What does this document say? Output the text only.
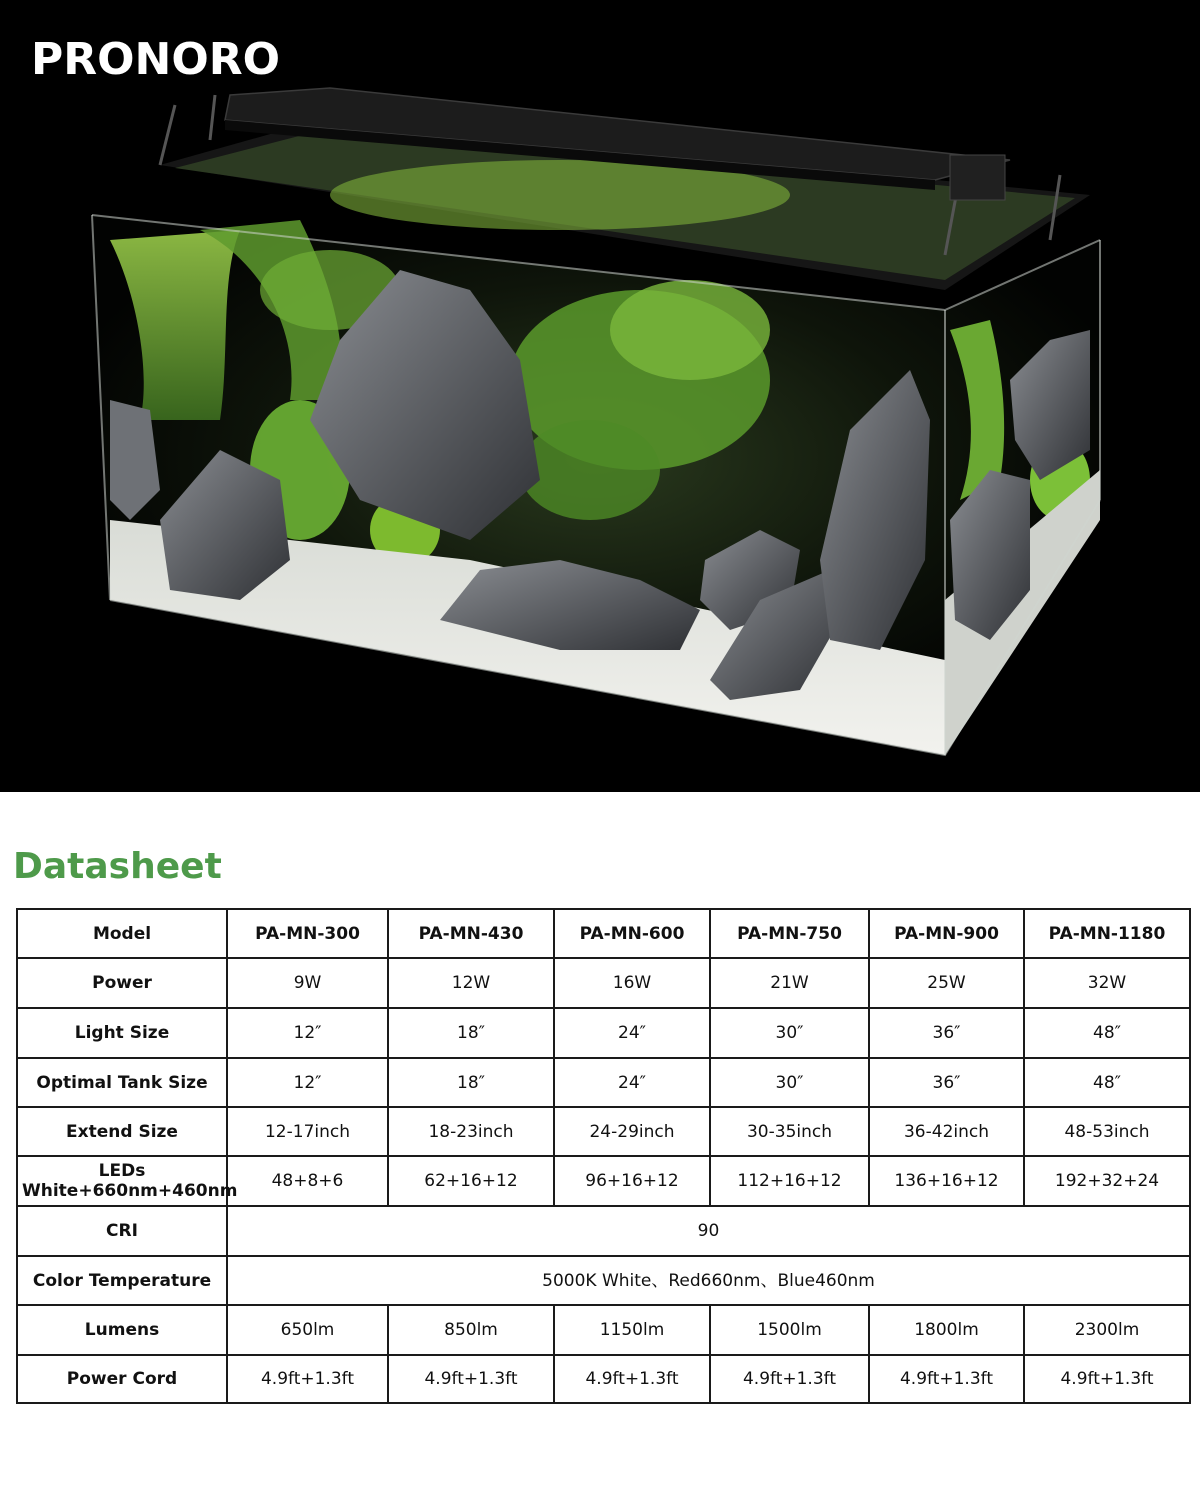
PRONORO
Datasheet
Model	PA-MN-300	PA-MN-430	PA-MN-600	PA-MN-750	PA-MN-900	PA-MN-1180
Power	9W	12W	16W	21W	25W	32W
Light Size	12″	18″	24″	30″	36″	48″
Optimal Tank Size	12″	18″	24″	30″	36″	48″
Extend Size	12-17inch	18-23inch	24-29inch	30-35inch	36-42inch	48-53inch

LEDs
White+660nm+460nm	48+8+6	62+16+12	96+16+12	112+16+12	136+16+12	192+32+24
CRI	90					
Color Temperature	5000K White、Red660nm、Blue460nm					
Lumens	650lm	850lm	1150lm	1500lm	1800lm	2300lm
Power Cord	4.9ft+1.3ft	4.9ft+1.3ft	4.9ft+1.3ft	4.9ft+1.3ft	4.9ft+1.3ft	4.9ft+1.3ft
